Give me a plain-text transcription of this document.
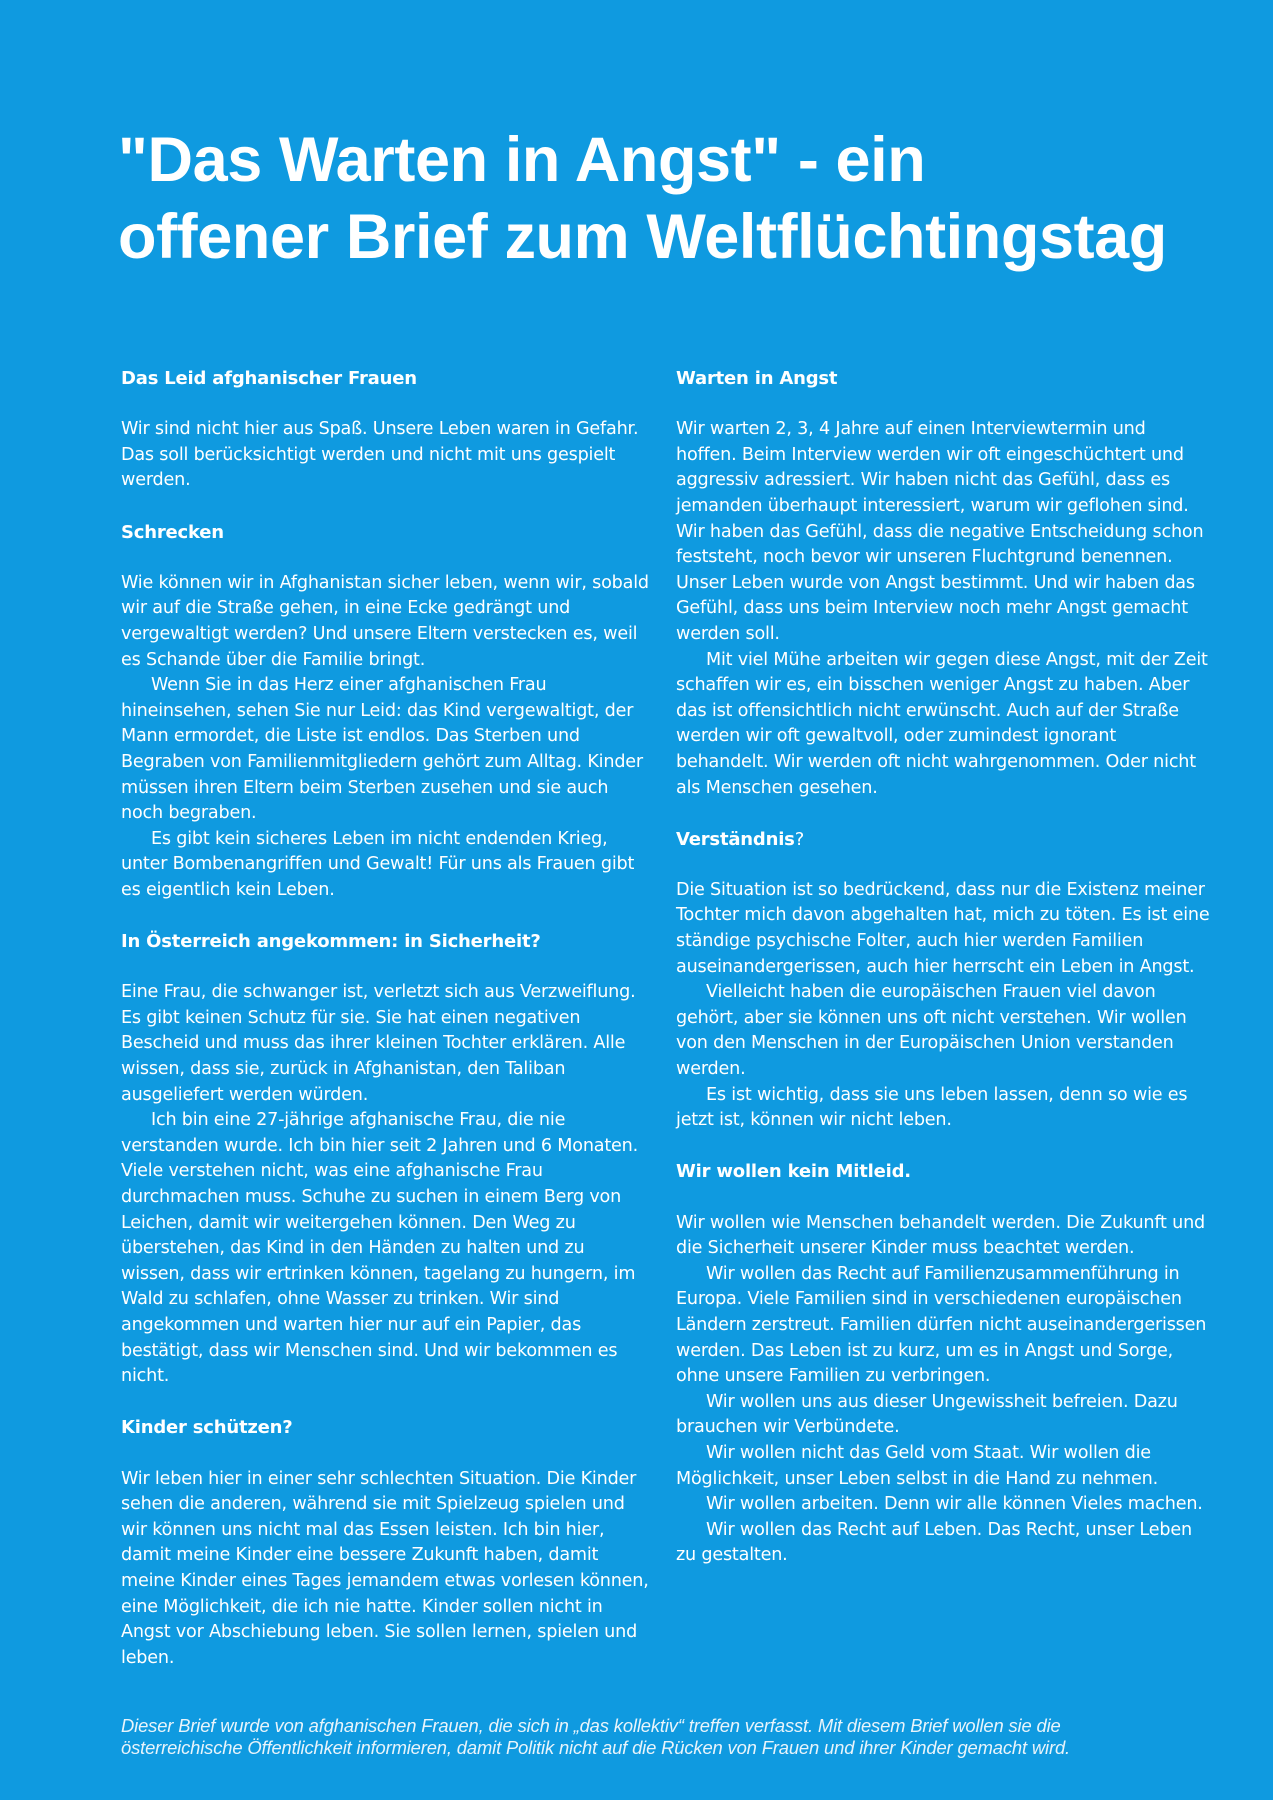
"Das Warten in Angst" - ein
offener Brief zum Weltflüchtingstag
Das Leid afghanischer Frauen

Wir sind nicht hier aus Spaß. Unsere Leben waren in Gefahr. Das soll berücksichtigt werden und nicht mit uns gespielt werden.

Schrecken

Wie können wir in Afghanistan sicher leben, wenn wir, sobald wir auf die Straße gehen, in eine Ecke gedrängt und vergewaltigt werden? Und unsere Eltern verstecken es, weil es Schande über die Familie bringt.

Wenn Sie in das Herz einer afghanischen Frau hineinsehen, sehen Sie nur Leid: das Kind vergewaltigt, der Mann ermordet, die Liste ist endlos. Das Sterben und Begraben von Familienmitgliedern gehört zum Alltag. Kinder müssen ihren Eltern beim Sterben zusehen und sie auch noch begraben.

Es gibt kein sicheres Leben im nicht endenden Krieg, unter Bombenangriffen und Gewalt! Für uns als Frauen gibt es eigentlich kein Leben.

In Österreich angekommen: in Sicherheit?

Eine Frau, die schwanger ist, verletzt sich aus Verzweiflung. Es gibt keinen Schutz für sie. Sie hat einen negativen Bescheid und muss das ihrer kleinen Tochter erklären. Alle wissen, dass sie, zurück in Afghanistan, den Taliban ausgeliefert werden würden.

Ich bin eine 27-jährige afghanische Frau, die nie verstanden wurde. Ich bin hier seit 2 Jahren und 6 Monaten. Viele verstehen nicht, was eine afghanische Frau durchmachen muss. Schuhe zu suchen in einem Berg von Leichen, damit wir weitergehen können. Den Weg zu überstehen, das Kind in den Händen zu halten und zu wissen, dass wir ertrinken können, tagelang zu hungern, im Wald zu schlafen, ohne Wasser zu trinken. Wir sind angekommen und warten hier nur auf ein Papier, das bestätigt, dass wir Menschen sind. Und wir bekommen es nicht.

Kinder schützen?

Wir leben hier in einer sehr schlechten Situation. Die Kinder sehen die anderen, während sie mit Spielzeug spielen und wir können uns nicht mal das Essen leisten. Ich bin hier, damit meine Kinder eine bessere Zukunft haben, damit meine Kinder eines Tages jemandem etwas vorlesen können, eine Möglichkeit, die ich nie hatte. Kinder sollen nicht in Angst vor Abschiebung leben. Sie sollen lernen, spielen und leben.

Warten in Angst

Wir warten 2, 3, 4 Jahre auf einen Interviewtermin und hoffen. Beim Interview werden wir oft eingeschüchtert und aggressiv adressiert. Wir haben nicht das Gefühl, dass es jemanden überhaupt interessiert, warum wir geflohen sind. Wir haben das Gefühl, dass die negative Entscheidung schon feststeht, noch bevor wir unseren Fluchtgrund benennen. Unser Leben wurde von Angst bestimmt. Und wir haben das Gefühl, dass uns beim Interview noch mehr Angst gemacht werden soll.

Mit viel Mühe arbeiten wir gegen diese Angst, mit der Zeit schaffen wir es, ein bisschen weniger Angst zu haben. Aber das ist offensichtlich nicht erwünscht. Auch auf der Straße werden wir oft gewaltvoll, oder zumindest ignorant behandelt. Wir werden oft nicht wahrgenommen. Oder nicht als Menschen gesehen.

Verständnis?

Die Situation ist so bedrückend, dass nur die Existenz meiner Tochter mich davon abgehalten hat, mich zu töten. Es ist eine ständige psychische Folter, auch hier werden Familien auseinandergerissen, auch hier herrscht ein Leben in Angst.

Vielleicht haben die europäischen Frauen viel davon gehört, aber sie können uns oft nicht verstehen. Wir wollen von den Menschen in der Europäischen Union verstanden werden.

Es ist wichtig, dass sie uns leben lassen, denn so wie es jetzt ist, können wir nicht leben.

Wir wollen kein Mitleid.

Wir wollen wie Menschen behandelt werden. Die Zukunft und die Sicherheit unserer Kinder muss beachtet werden.

Wir wollen das Recht auf Familienzusammenführung in Europa. Viele Familien sind in verschiedenen europäischen Ländern zerstreut. Familien dürfen nicht auseinandergerissen werden. Das Leben ist zu kurz, um es in Angst und Sorge, ohne unsere Familien zu verbringen.

Wir wollen uns aus dieser Ungewissheit befreien. Dazu brauchen wir Verbündete.

Wir wollen nicht das Geld vom Staat. Wir wollen die Möglichkeit, unser Leben selbst in die Hand zu nehmen.

Wir wollen arbeiten. Denn wir alle können Vieles machen.

Wir wollen das Recht auf Leben. Das Recht, unser Leben zu gestalten.

Dieser Brief wurde von afghanischen Frauen, die sich in „das kollektiv“ treffen verfasst. Mit diesem Brief wollen sie die
österreichische Öffentlichkeit informieren, damit Politik nicht auf die Rücken von Frauen und ihrer Kinder gemacht wird.
